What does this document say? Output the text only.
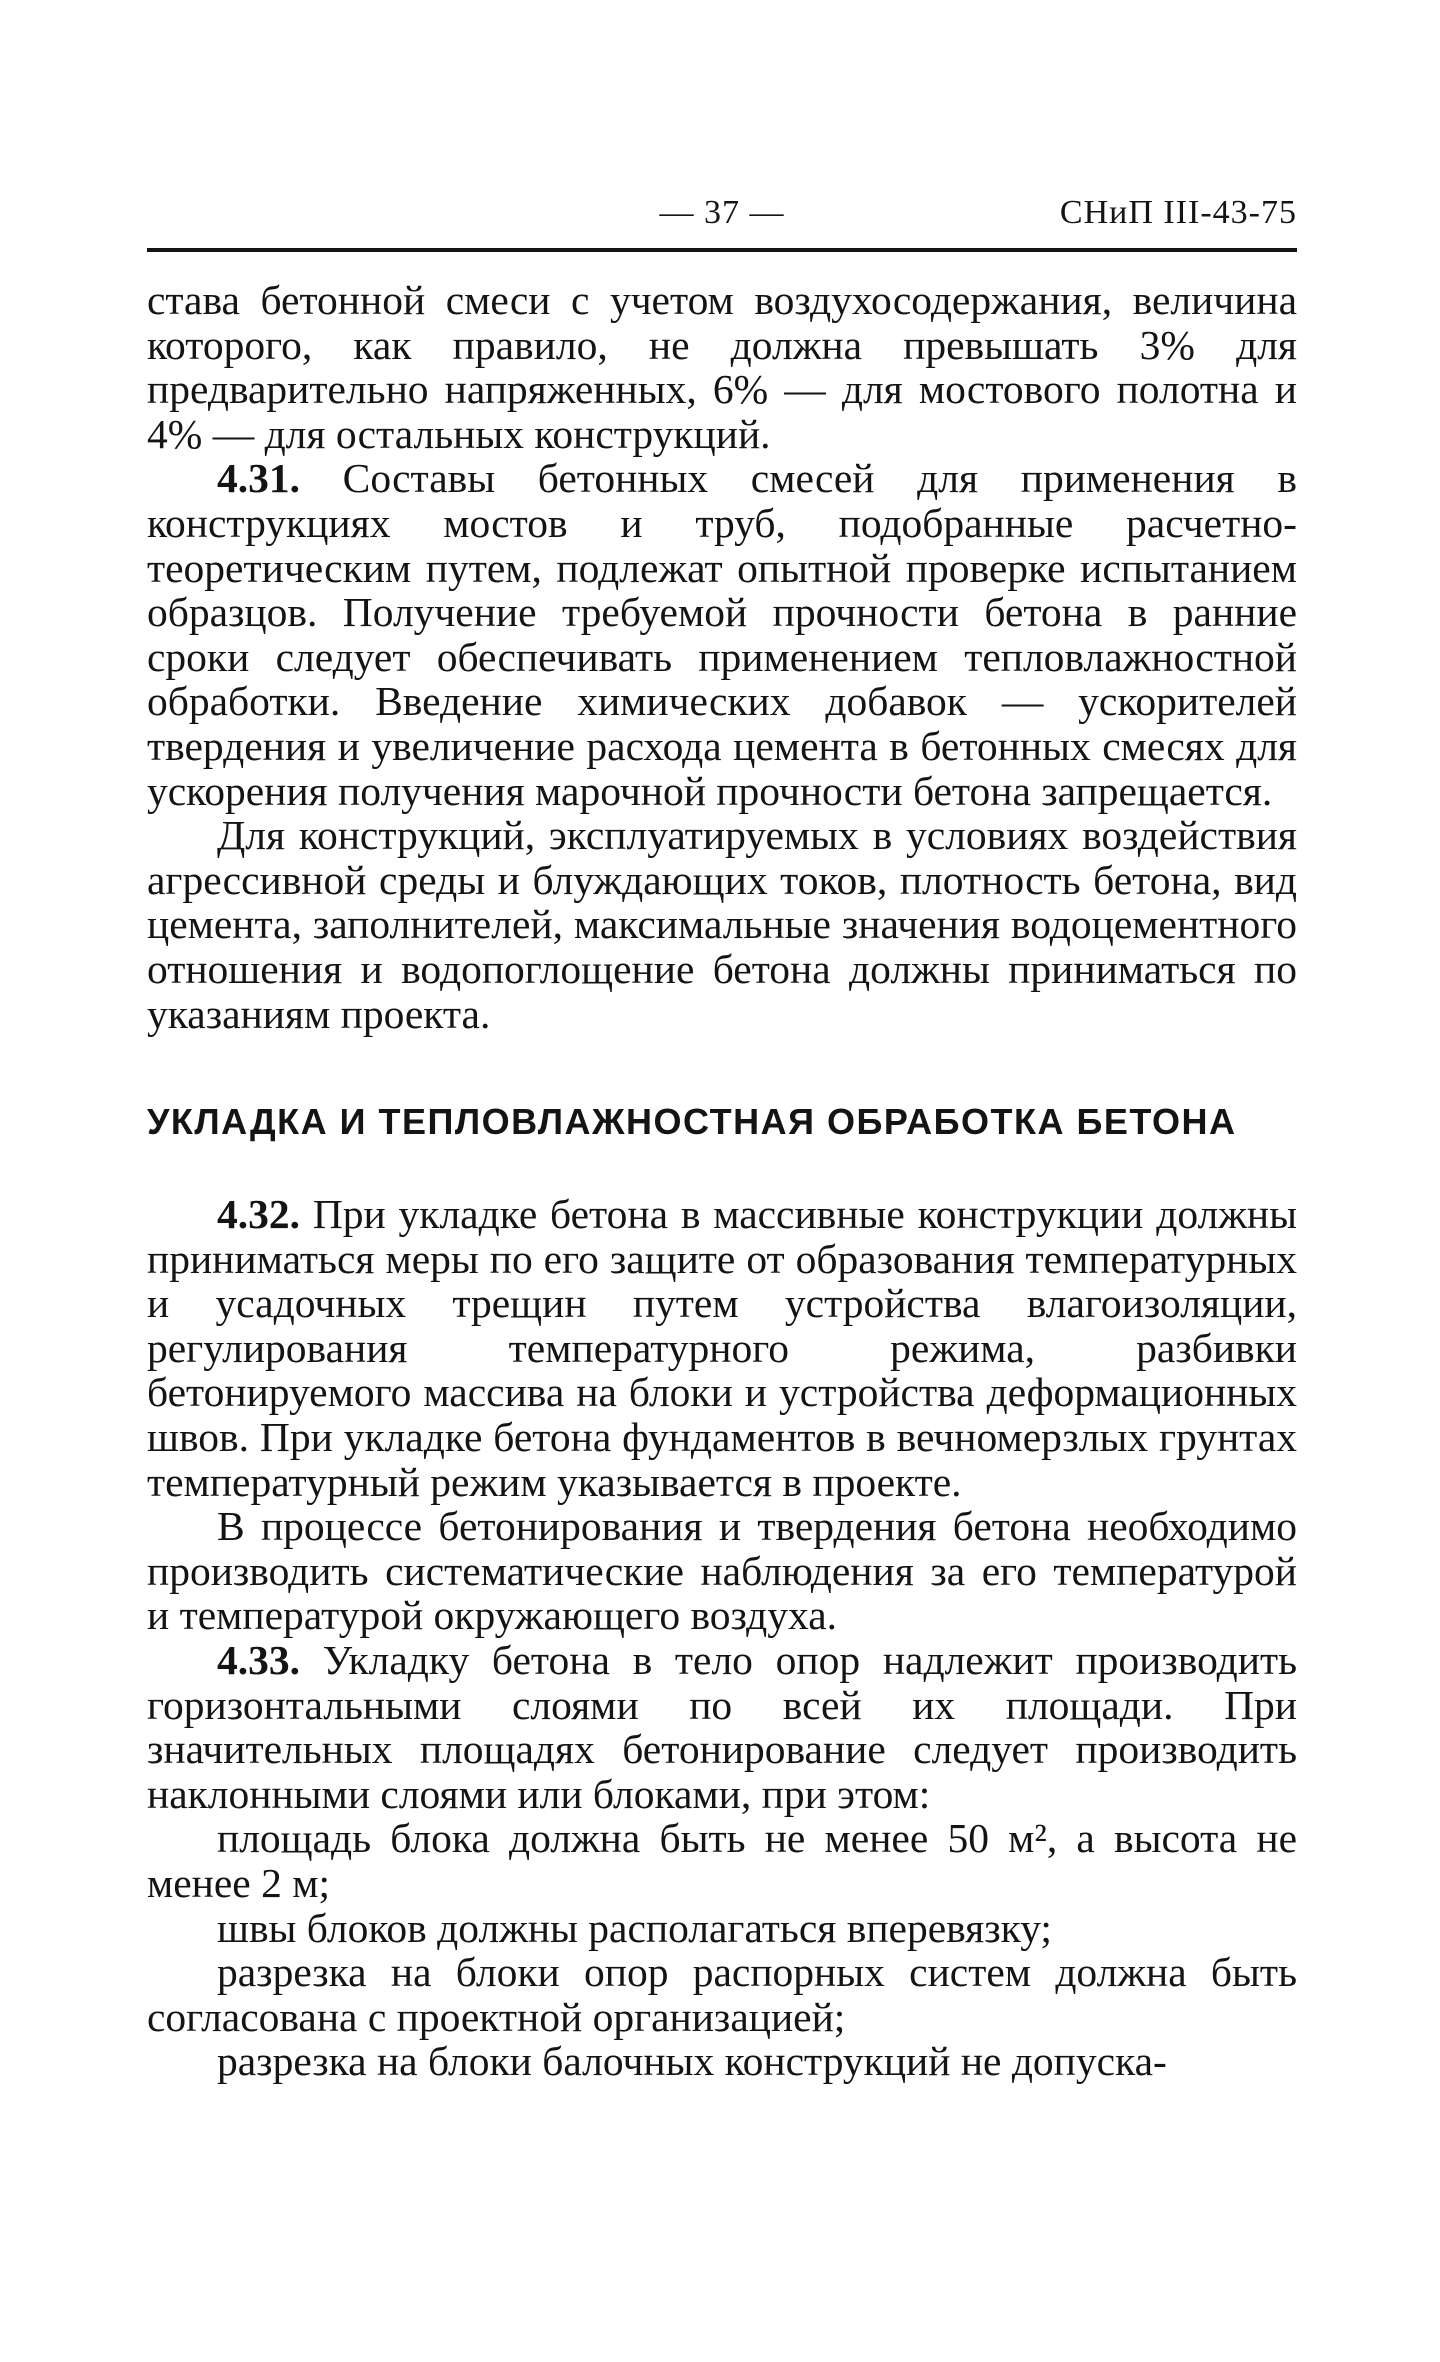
— 37 —	СНиП III-43-75

става бетонной смеси с учетом воздухосодержания, величина которого, как правило, не должна превышать 3% для предварительно напряженных, 6% — для мостового полотна и 4% — для остальных конструкций.

4.31. Составы бетонных смесей для применения в конструкциях мостов и труб, подобранные расчетно-теоретическим путем, подлежат опытной проверке испытанием образцов. Получение требуемой прочности бетона в ранние сроки следует обеспечивать применением тепловлажностной обработки. Введение химических добавок — ускорителей твердения и увеличение расхода цемента в бетонных смесях для ускорения получения марочной прочности бетона запрещается.

Для конструкций, эксплуатируемых в условиях воздействия агрессивной среды и блуждающих токов, плотность бетона, вид цемента, заполнителей, максимальные значения водоцементного отношения и водопоглощение бетона должны приниматься по указаниям проекта.

УКЛАДКА И ТЕПЛОВЛАЖНОСТНАЯ ОБРАБОТКА БЕТОНА

4.32. При укладке бетона в массивные конструкции должны приниматься меры по его защите от образования температурных и усадочных трещин путем устройства влагоизоляции, регулирования температурного режима, разбивки бетонируемого массива на блоки и устройства деформационных швов. При укладке бетона фундаментов в вечномерзлых грунтах температурный режим указывается в проекте.

В процессе бетонирования и твердения бетона необходимо производить систематические наблюдения за его температурой и температурой окружающего воздуха.

4.33. Укладку бетона в тело опор надлежит производить горизонтальными слоями по всей их площади. При значительных площадях бетонирование следует производить наклонными слоями или блоками, при этом:

площадь блока должна быть не менее 50 м², а высота не менее 2 м;

швы блоков должны располагаться вперевязку;

разрезка на блоки опор распорных систем должна быть согласована с проектной организацией;

разрезка на блоки балочных конструкций не допуска-
